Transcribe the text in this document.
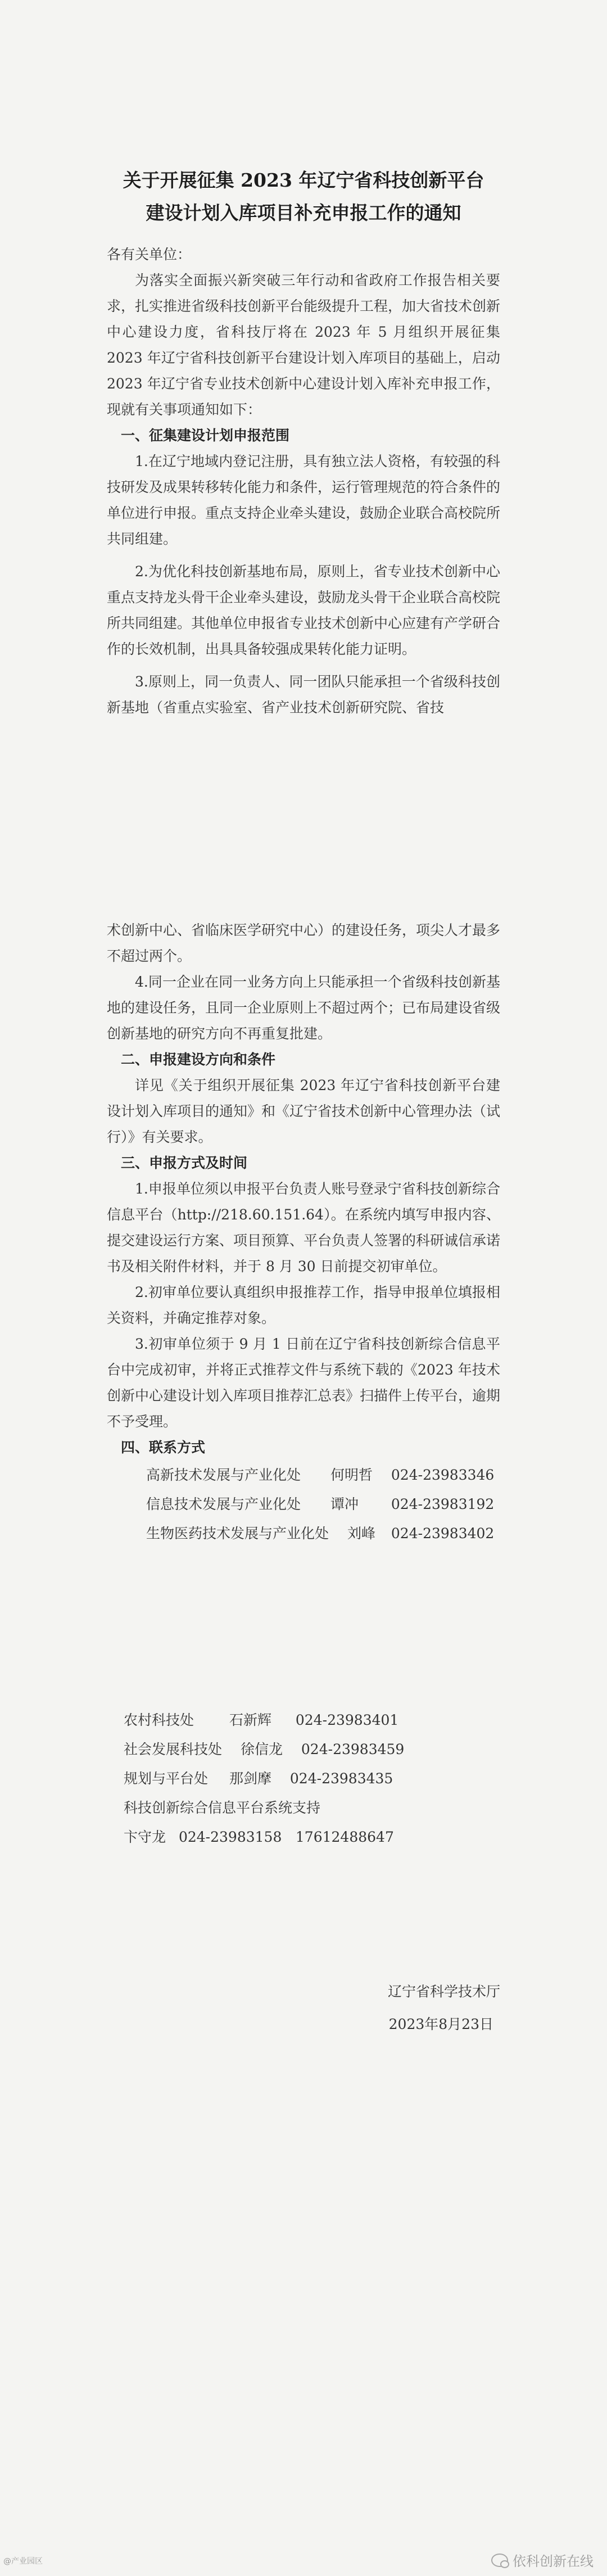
关于开展征集 2023 年辽宁省科技创新平台
建设计划入库项目补充申报工作的通知

各有关单位：

为落实全面振兴新突破三年行动和省政府工作报告相关要求，扎实推进省级科技创新平台能级提升工程，加大省技术创新中心建设力度，省科技厅将在 2023 年 5 月组织开展征集 2023 年辽宁省科技创新平台建设计划入库项目的基础上，启动 2023 年辽宁省专业技术创新中心建设计划入库补充申报工作，现就有关事项通知如下：

一、征集建设计划申报范围

1.在辽宁地域内登记注册，具有独立法人资格，有较强的科技研发及成果转移转化能力和条件，运行管理规范的符合条件的单位进行申报。重点支持企业牵头建设，鼓励企业联合高校院所共同组建。

2.为优化科技创新基地布局，原则上，省专业技术创新中心重点支持龙头骨干企业牵头建设，鼓励龙头骨干企业联合高校院所共同组建。其他单位申报省专业技术创新中心应建有产学研合作的长效机制，出具具备较强成果转化能力证明。

3.原则上，同一负责人、同一团队只能承担一个省级科技创新基地（省重点实验室、省产业技术创新研究院、省技

术创新中心、省临床医学研究中心）的建设任务，项尖人才最多不超过两个。

4.同一企业在同一业务方向上只能承担一个省级科技创新基地的建设任务，且同一企业原则上不超过两个；已布局建设省级创新基地的研究方向不再重复批建。

二、申报建设方向和条件

详见《关于组织开展征集 2023 年辽宁省科技创新平台建设计划入库项目的通知》和《辽宁省技术创新中心管理办法（试行）》有关要求。

三、申报方式及时间

1.申报单位须以申报平台负责人账号登录宁省科技创新综合信息平台（http://218.60.151.64）。在系统内填写申报内容、提交建设运行方案、项目预算、平台负责人签署的科研诚信承诺书及相关附件材料，并于 8 月 30 日前提交初审单位。

2.初审单位要认真组织申报推荐工作，指导申报单位填报相关资料，并确定推荐对象。

3.初审单位须于 9 月 1 日前在辽宁省科技创新综合信息平台中完成初审，并将正式推荐文件与系统下载的《2023 年技术创新中心建设计划入库项目推荐汇总表》扫描件上传平台，逾期不予受理。

四、联系方式

高新技术发展与产业化处 何明哲 024-23983346
信息技术发展与产业化处 谭冲 024-23983192
生物医药技术发展与产业化处 刘峰 024-23983402
农村科技处	石新辉 024-23983401
社会发展科技处 徐信龙 024-23983459
规划与平台处 那剑摩 024-23983435
科技创新综合信息平台系统支持
卞守龙 024-23983158 17612488647
辽宁省科学技术厅
2023年8月23日
@产业园区	依科创新在线
